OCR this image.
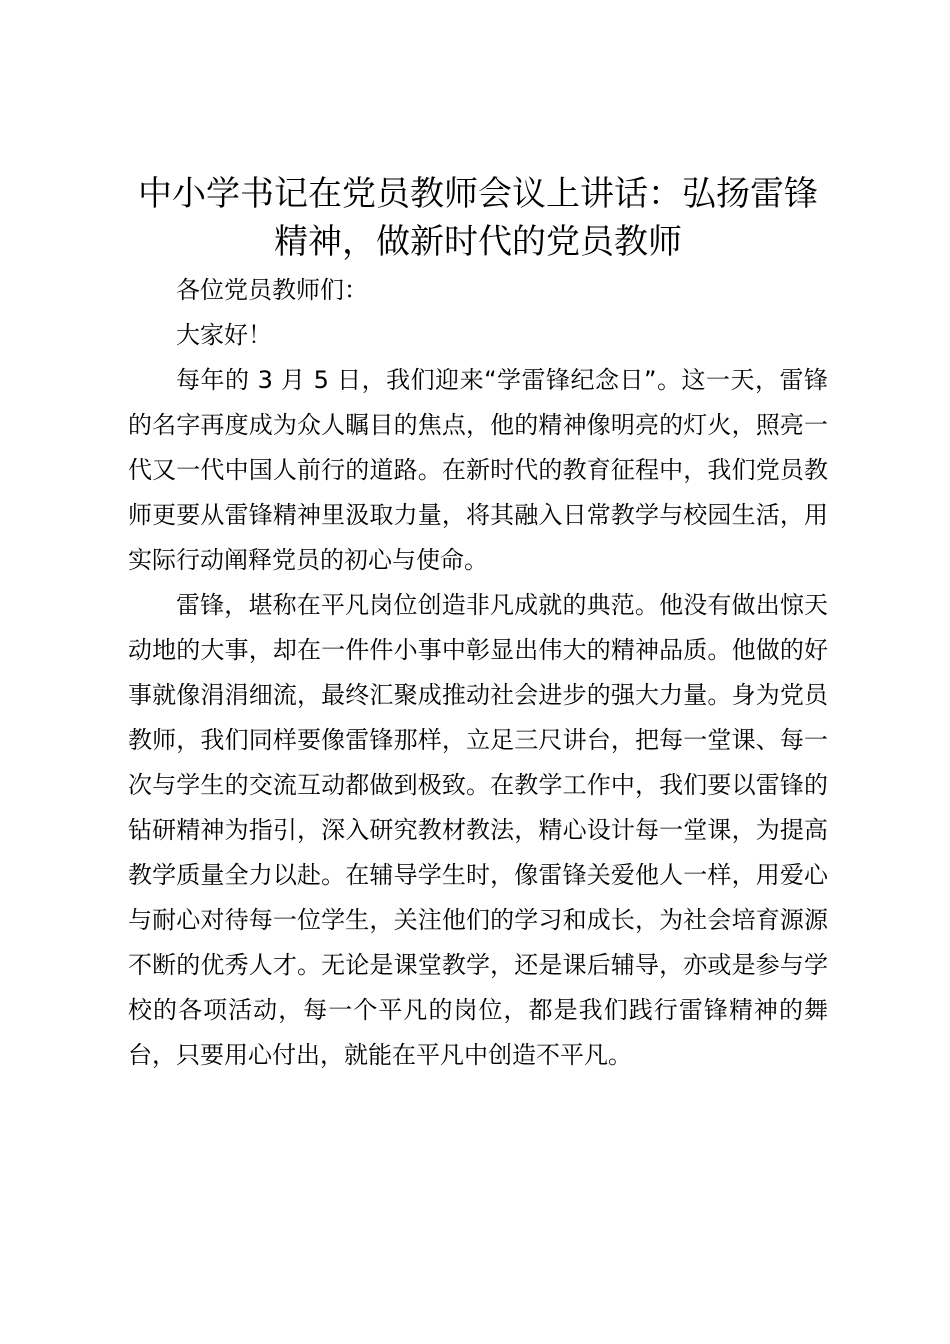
中小学书记在党员教师会议上讲话：弘扬雷锋精神，做新时代的党员教师

各位党员教师们：

大家好！

每年的 3 月 5 日，我们迎来“学雷锋纪念日”。这一天，雷锋的名字再度成为众人瞩目的焦点，他的精神像明亮的灯火，照亮一代又一代中国人前行的道路。在新时代的教育征程中，我们党员教师更要从雷锋精神里汲取力量，将其融入日常教学与校园生活，用实际行动阐释党员的初心与使命。

雷锋，堪称在平凡岗位创造非凡成就的典范。他没有做出惊天动地的大事，却在一件件小事中彰显出伟大的精神品质。他做的好事就像涓涓细流，最终汇聚成推动社会进步的强大力量。身为党员教师，我们同样要像雷锋那样，立足三尺讲台，把每一堂课、每一次与学生的交流互动都做到极致。在教学工作中，我们要以雷锋的钻研精神为指引，深入研究教材教法，精心设计每一堂课，为提高教学质量全力以赴。在辅导学生时，像雷锋关爱他人一样，用爱心与耐心对待每一位学生，关注他们的学习和成长，为社会培育源源不断的优秀人才。无论是课堂教学，还是课后辅导，亦或是参与学校的各项活动，每一个平凡的岗位，都是我们践行雷锋精神的舞台，只要用心付出，就能在平凡中创造不平凡。
